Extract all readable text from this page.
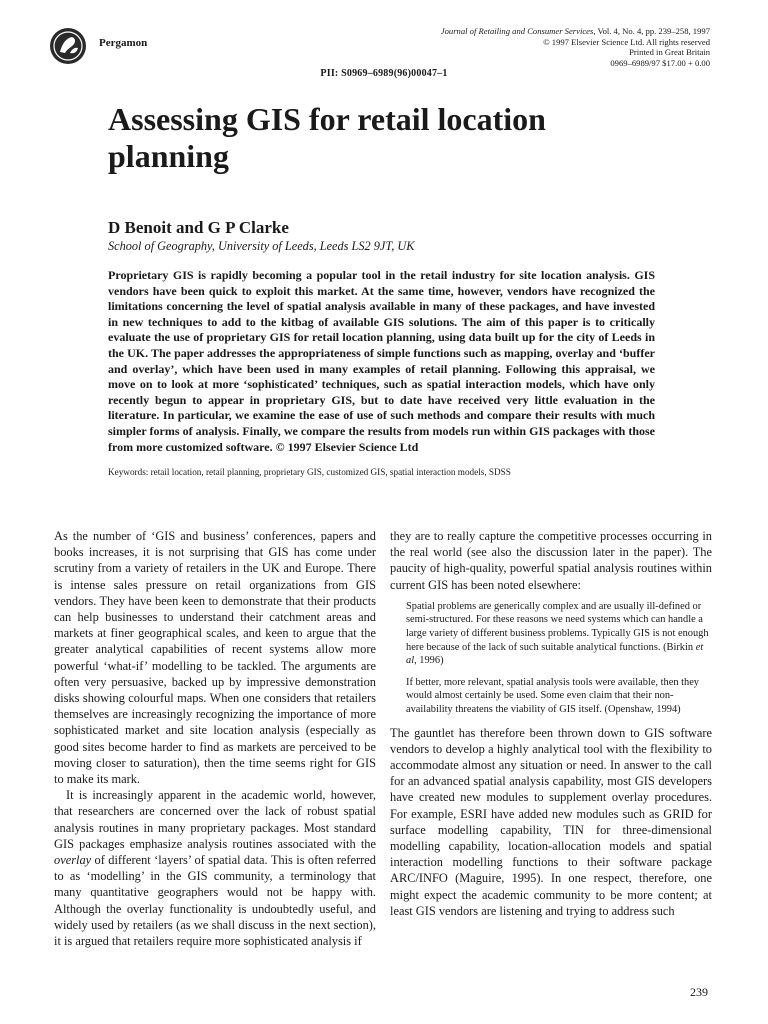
Pergamon
Journal of Retailing and Consumer Services, Vol. 4, No. 4, pp. 239–258, 1997
© 1997 Elsevier Science Ltd. All rights reserved
Printed in Great Britain
0969–6989/97 $17.00 + 0.00
PII: S0969–6989(96)00047–1
Assessing GIS for retail location planning
D Benoit and G P Clarke
School of Geography, University of Leeds, Leeds LS2 9JT, UK

Proprietary GIS is rapidly becoming a popular tool in the retail industry for site location analysis. GIS vendors have been quick to exploit this market. At the same time, however, vendors have recognized the limitations concerning the level of spatial analysis available in many of these packages, and have invested in new techniques to add to the kitbag of available GIS solutions. The aim of this paper is to critically evaluate the use of proprietary GIS for retail location planning, using data built up for the city of Leeds in the UK. The paper addresses the appropriateness of simple functions such as mapping, overlay and ‘buffer and overlay’, which have been used in many examples of retail planning. Following this appraisal, we move on to look at more ‘sophisticated’ techniques, such as spatial interaction models, which have only recently begun to appear in proprietary GIS, but to date have received very little evaluation in the literature. In particular, we examine the ease of use of such methods and compare their results with much simpler forms of analysis. Finally, we compare the results from models run within GIS packages with those from more customized software. © 1997 Elsevier Science Ltd

Keywords: retail location, retail planning, proprietary GIS, customized GIS, spatial interaction models, SDSS

As the number of ‘GIS and business’ conferences, papers and books increases, it is not surprising that GIS has come under scrutiny from a variety of retailers in the UK and Europe. There is intense sales pressure on retail organizations from GIS vendors. They have been keen to demonstrate that their products can help businesses to understand their catchment areas and markets at finer geographical scales, and keen to argue that the greater analytical capabilities of recent systems allow more powerful ‘what-if’ modelling to be tackled. The arguments are often very persuasive, backed up by impressive demonstration disks showing colourful maps. When one considers that retailers themselves are increasingly recognizing the importance of more sophisticated market and site location analysis (especially as good sites become harder to find as markets are perceived to be moving closer to saturation), then the time seems right for GIS to make its mark.

It is increasingly apparent in the academic world, however, that researchers are concerned over the lack of robust spatial analysis routines in many proprietary packages. Most standard GIS packages emphasize analysis routines associated with the overlay of different ‘layers’ of spatial data. This is often referred to as ‘modelling’ in the GIS community, a terminology that many quantitative geographers would not be happy with. Although the overlay functionality is undoubtedly useful, and widely used by retailers (as we shall discuss in the next section), it is argued that retailers require more sophisticated analysis if

they are to really capture the competitive processes occurring in the real world (see also the discussion later in the paper). The paucity of high-quality, powerful spatial analysis routines within current GIS has been noted elsewhere:

Spatial problems are generically complex and are usually ill-defined or semi-structured. For these reasons we need systems which can handle a large variety of different business problems. Typically GIS is not enough here because of the lack of such suitable analytical functions. (Birkin et al, 1996)

If better, more relevant, spatial analysis tools were available, then they would almost certainly be used. Some even claim that their non-availability threatens the viability of GIS itself. (Openshaw, 1994)

The gauntlet has therefore been thrown down to GIS software vendors to develop a highly analytical tool with the flexibility to accommodate almost any situation or need. In answer to the call for an advanced spatial analysis capability, most GIS developers have created new modules to supplement overlay procedures. For example, ESRI have added new modules such as GRID for surface modelling capability, TIN for three-dimensional modelling capability, location-allocation models and spatial interaction modelling functions to their software package ARC/INFO (Maguire, 1995). In one respect, therefore, one might expect the academic community to be more content; at least GIS vendors are listening and trying to address such

239
